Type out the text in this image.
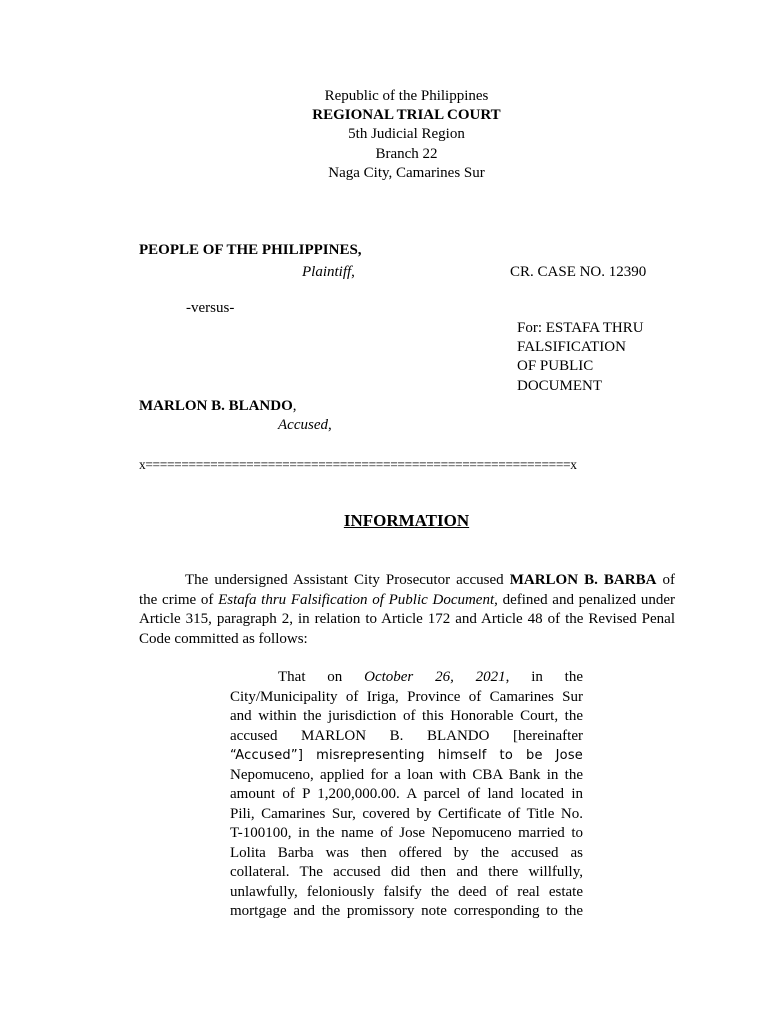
Republic of the Philippines
REGIONAL TRIAL COURT
5th Judicial Region
Branch 22
Naga City, Camarines Sur
PEOPLE OF THE PHILIPPINES,
Plaintiff,	CR. CASE NO. 12390
-versus-
For: ESTAFA THRU
FALSIFICATION
OF PUBLIC
DOCUMENT
MARLON B. BLANDO,
Accused,
x===========================================================x
INFORMATION
The undersigned Assistant City Prosecutor accused MARLON B. BARBA of the crime of Estafa thru Falsification of Public Document, defined and penalized under Article 315, paragraph 2, in relation to Article 172 and Article 48 of the Revised Penal Code committed as follows:
That on October 26, 2021, in the
City/Municipality of Iriga, Province of Camarines Sur
and within the jurisdiction of this Honorable Court, the
accused MARLON B. BLANDO [hereinafter
“Accused”] misrepresenting himself to be Jose
Nepomuceno, applied for a loan with CBA Bank in the
amount of P 1,200,000.00. A parcel of land located in
Pili, Camarines Sur, covered by Certificate of Title No.
T-100100, in the name of Jose Nepomuceno married to
Lolita Barba was then offered by the accused as
collateral. The accused did then and there willfully,
unlawfully, feloniously falsify the deed of real estate
mortgage and the promissory note corresponding to the
